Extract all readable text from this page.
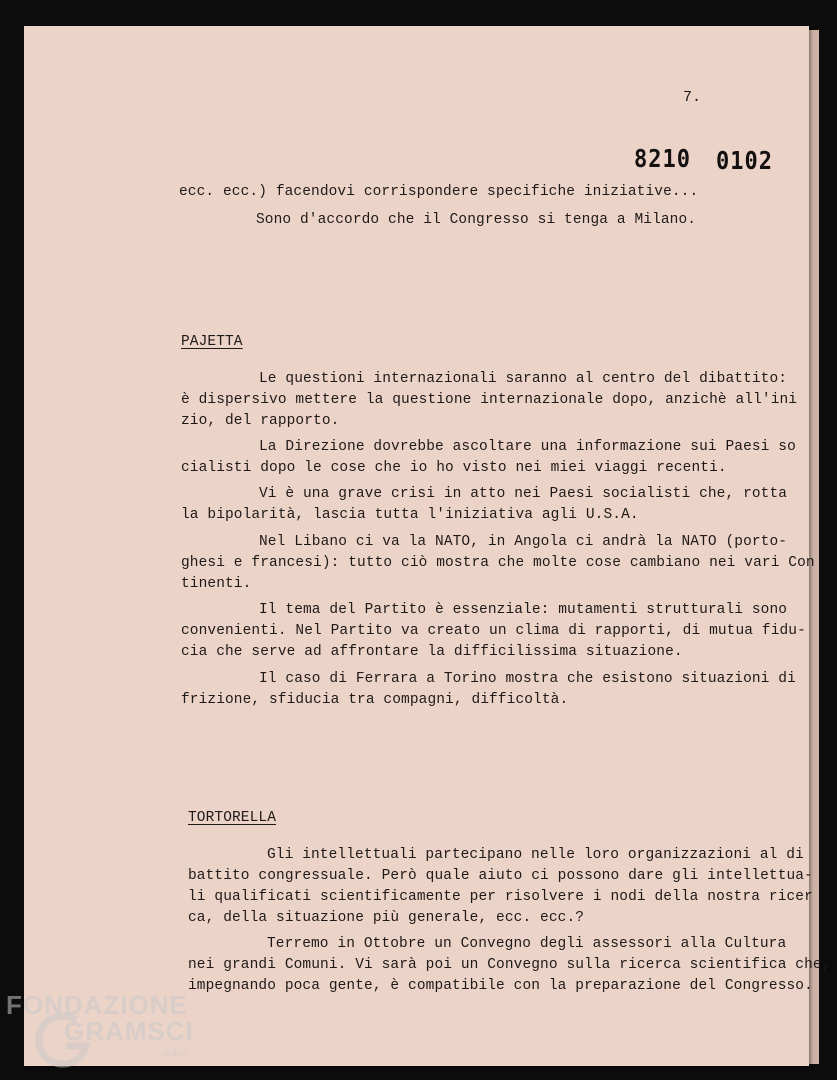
7.
8210 0102
ecc. ecc.) facendovi corrispondere specifiche iniziative...
Sono d'accordo che il Congresso si tenga a Milano.
PAJETTA
Le questioni internazionali saranno al centro del dibattito:
è dispersivo mettere la questione internazionale dopo, anzichè all'ini
zio, del rapporto.
La Direzione dovrebbe ascoltare una informazione sui Paesi so
cialisti dopo le cose che io ho visto nei miei viaggi recenti.
Vi è una grave crisi in atto nei Paesi socialisti che, rotta
la bipolarità, lascia tutta l'iniziativa agli U.S.A.
Nel Libano ci va la NATO, in Angola ci andrà la NATO (porto-
ghesi e francesi): tutto ciò mostra che molte cose cambiano nei vari Con
tinenti.
Il tema del Partito è essenziale: mutamenti strutturali sono
convenienti. Nel Partito va creato un clima di rapporti, di mutua fidu-
cia che serve ad affrontare la difficilissima situazione.
Il caso di Ferrara a Torino mostra che esistono situazioni di
frizione, sfiducia tra compagni, difficoltà.
TORTORELLA
Gli intellettuali partecipano nelle loro organizzazioni al di
battito congressuale. Però quale aiuto ci possono dare gli intellettua-
li qualificati scientificamente per risolvere i nodi della nostra ricer
ca, della situazione più generale, ecc. ecc.?
Terremo in Ottobre un Convegno degli assessori alla Cultura
nei grandi Comuni. Vi sarà poi un Convegno sulla ricerca scientifica che,
impegnando poca gente, è compatibile con la preparazione del Congresso.
FONDAZIONE
GRAMSCI
onlus
